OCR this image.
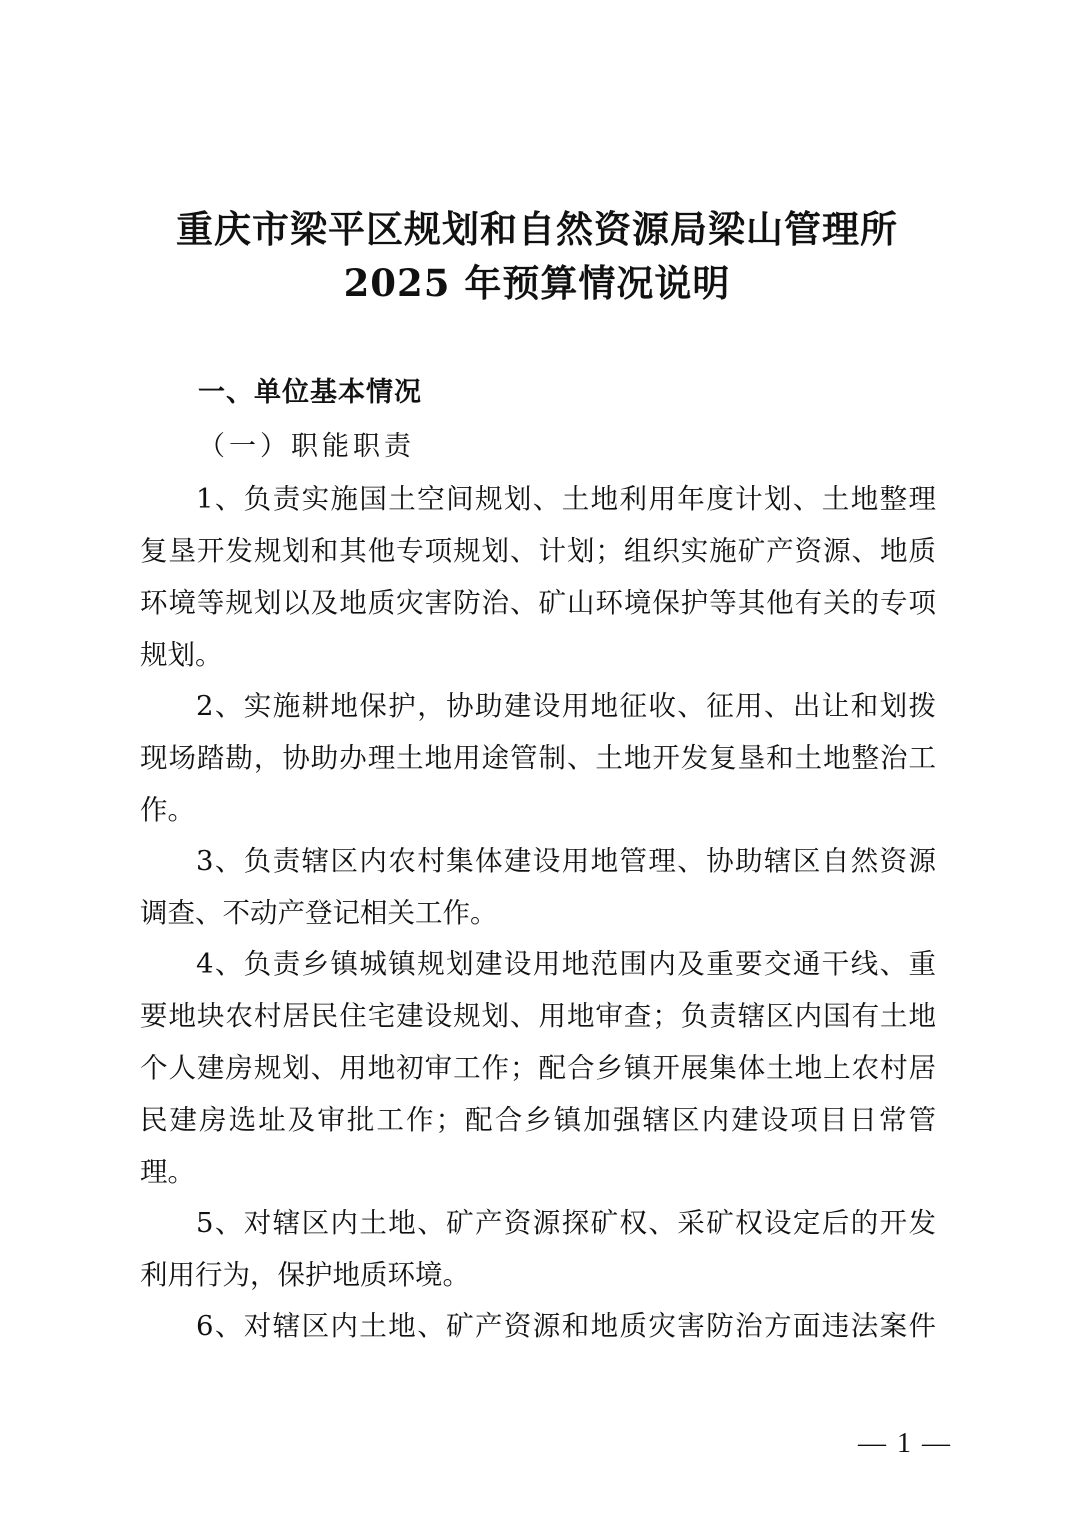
重庆市梁平区规划和自然资源局梁山管理所
2025 年预算情况说明
一、单位基本情况
（一）职能职责
1、负责实施国土空间规划、土地利用年度计划、土地整理
复垦开发规划和其他专项规划、计划；组织实施矿产资源、地质
环境等规划以及地质灾害防治、矿山环境保护等其他有关的专项
规划。
2、实施耕地保护，协助建设用地征收、征用、出让和划拨
现场踏勘，协助办理土地用途管制、土地开发复垦和土地整治工
作。
3、负责辖区内农村集体建设用地管理、协助辖区自然资源
调查、不动产登记相关工作。
4、负责乡镇城镇规划建设用地范围内及重要交通干线、重
要地块农村居民住宅建设规划、用地审查；负责辖区内国有土地
个人建房规划、用地初审工作；配合乡镇开展集体土地上农村居
民建房选址及审批工作；配合乡镇加强辖区内建设项目日常管
理。
5、对辖区内土地、矿产资源探矿权、采矿权设定后的开发
利用行为，保护地质环境。
6、对辖区内土地、矿产资源和地质灾害防治方面违法案件
— 1 —
